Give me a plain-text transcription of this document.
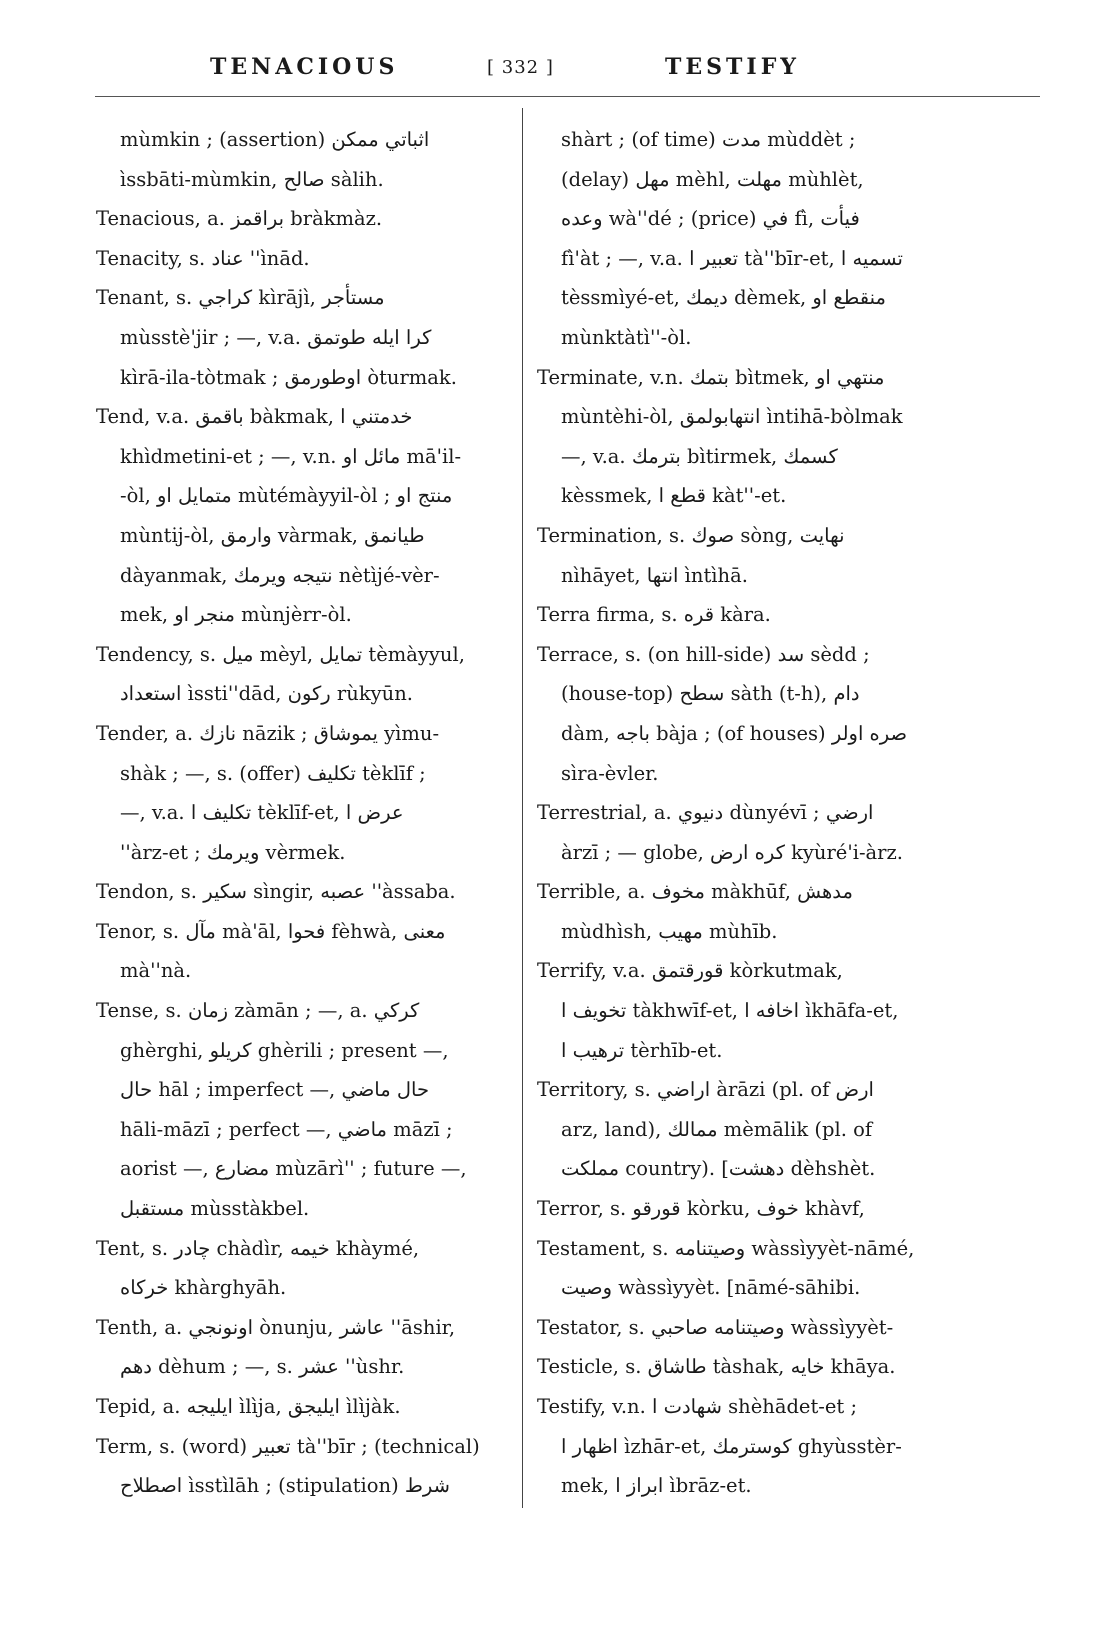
TENACIOUS	[ 332 ]	TESTIFY
mùmkin ; (assertion) اثباتي ممكن
ìssbāti-mùmkin, صالح sàlih.
Tenacious, a. براقمز bràkmàz.
Tenacity, s. عناد ''ìnād.
Tenant, s. كراجي kìrājì, مستأجر
mùsstè'jir ; —, v.a. كرا ايله طوتمق
kìrā-ila-tòtmak ; اوطورمق òturmak.
Tend, v.a. باقمق bàkmak, خدمتني ا
khìdmetini-et ; —, v.n. مائل او mā'il-
-òl, متمايل او mùtémàyyil-òl ; منتج او
mùntij-òl, وارمق vàrmak, طيانمق
dàyanmak, نتيجه ويرمك nètìjé-vèr-
mek, منجر او mùnjèrr-òl.
Tendency, s. ميل mèyl, تمايل tèmàyyul,
استعداد ìssti''dād, ركون rùkyūn.
Tender, a. نازك nāzik ; يموشاق yìmu-
shàk ; —, s. (offer) تكليف tèklīf ;
—, v.a. تكليف ا tèklīf-et, عرض ا
''àrz-et ; ويرمك vèrmek.
Tendon, s. سكير sìngir, عصبه ''àssaba.
Tenor, s. مآل mà'āl, فحوا fèhwà, معنى
mà''nà.
Tense, s. زمان zàmān ; —, a. كركي
ghèrghi, كريلو ghèrili ; present —,
حال hāl ; imperfect —, حال ماضي
hāli-māzī ; perfect —, ماضي māzī ;
aorist —, مضارع mùzārì'' ; future —,
مستقبل mùsstàkbel.
Tent, s. چادر chàdìr, خيمه khàymé,
خركاه khàrghyāh.
Tenth, a. اونونجي ònunju, عاشر ''āshir,
دهم dèhum ; —, s. عشر ''ùshr.
Tepid, a. ايليجه ìlìja, ايليجق ìlìjàk.
Term, s. (word) تعبير tà''bīr ; (technical)
اصطلاح ìsstìlāh ; (stipulation) شرط
shàrt ; (of time) مدت mùddèt ;
(delay) مهل mèhl, مهلت mùhlèt,
وعده wà''dé ; (price) في fì, فيأت
fì'àt ; —, v.a. تعبير ا tà''bīr-et, تسميه ا
tèssmìyé-et, ديمك dèmek, منقطع او
mùnktàtì''-òl.
Terminate, v.n. بتمك bìtmek, منتهي او
mùntèhi-òl, انتهابولمق ìntihā-bòlmak
—, v.a. بترمك bìtirmek, كسمك
kèssmek, قطع ا kàt''-et.
Termination, s. صوك sòng, نهايت
nìhāyet, انتها ìntìhā.
Terra firma, s. قره kàra.
Terrace, s. (on hill-side) سد sèdd ;
(house-top) سطح sàth (t-h), دام
dàm, باجه bàja ; (of houses) صره اولر
sìra-èvler.
Terrestrial, a. دنيوي dùnyévī ; ارضي
àrzī ; — globe, كره ارض kyùré'i-àrz.
Terrible, a. مخوف màkhūf, مدهش
mùdhìsh, مهيب mùhīb.
Terrify, v.a. قورقتمق kòrkutmak,
تخويف ا tàkhwīf-et, اخافه ا ìkhāfa-et,
ترهيب ا tèrhīb-et.
Territory, s. اراضي àrāzi (pl. of ارض
arz, land), ممالك mèmālik (pl. of
مملكت country). [دهشت dèhshèt.
Terror, s. قورقو kòrku, خوف khàvf,
Testament, s. وصيتنامه wàssìyyèt-nāmé,
وصيت wàssìyyèt. [nāmé-sāhibi.
Testator, s. وصيتنامه صاحبي wàssìyyèt-
Testicle, s. طاشاق tàshak, خايه khāya.
Testify, v.n. شهادت ا shèhādet-et ;
اظهار ا ìzhār-et, كوسترمك ghyùsstèr-
mek, ابراز ا ìbrāz-et.
